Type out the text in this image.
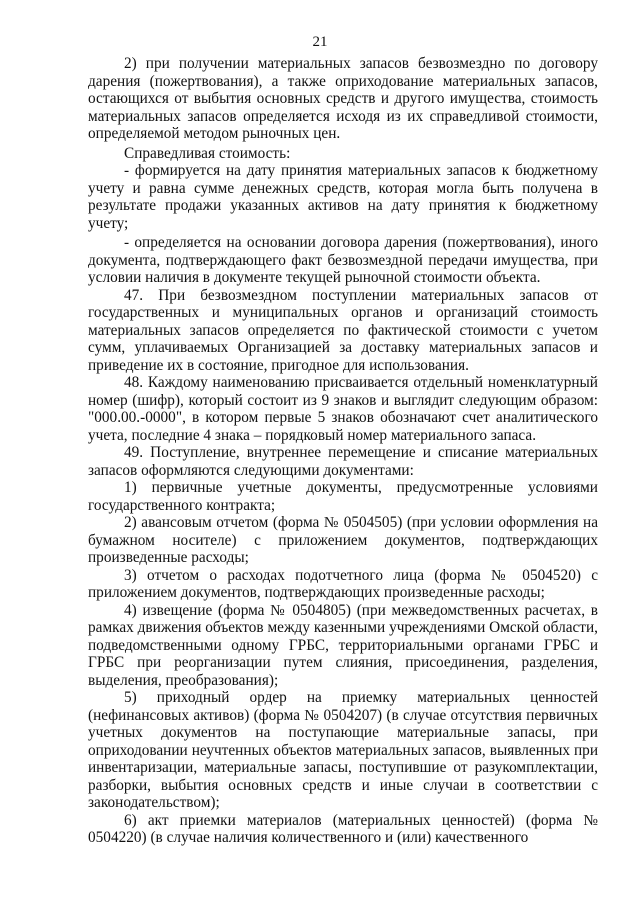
21

2) при получении материальных запасов безвозмездно по договору дарения (пожертвования), а также оприходование материальных запасов, остающихся от выбытия основных средств и другого имущества, стоимость материальных запасов определяется исходя из их справедливой стоимости, определяемой методом рыночных цен.

Справедливая стоимость:

- формируется на дату принятия материальных запасов к бюджетному учету и равна сумме денежных средств, которая могла быть получена в результате продажи указанных активов на дату принятия к бюджетному учету;

- определяется на основании договора дарения (пожертвования), иного документа, подтверждающего факт безвозмездной передачи имущества, при условии наличия в документе текущей рыночной стоимости объекта.

47. При безвозмездном поступлении материальных запасов от государственных и муниципальных органов и организаций стоимость материальных запасов определяется по фактической стоимости с учетом сумм, уплачиваемых Организацией за доставку материальных запасов и приведение их в состояние, пригодное для использования.

48. Каждому наименованию присваивается отдельный номенклатурный номер (шифр), который состоит из 9 знаков и выглядит следующим образом: "000.00.-0000", в котором первые 5 знаков обозначают счет аналитического учета, последние 4 знака – порядковый номер материального запаса.

49. Поступление, внутреннее перемещение и списание материальных запасов оформляются следующими документами:

1) первичные учетные документы, предусмотренные условиями государственного контракта;

2) авансовым отчетом (форма № 0504505) (при условии оформления на бумажном носителе) с приложением документов, подтверждающих произведенные расходы;

3) отчетом о расходах подотчетного лица (форма № 0504520) с приложением документов, подтверждающих произведенные расходы;

4) извещение (форма № 0504805) (при межведомственных расчетах, в рамках движения объектов между казенными учреждениями Омской области, подведомственными одному ГРБС, территориальными органами ГРБС и ГРБС при реорганизации путем слияния, присоединения, разделения, выделения, преобразования);

5) приходный ордер на приемку материальных ценностей (нефинансовых активов) (форма № 0504207) (в случае отсутствия первичных учетных документов на поступающие материальные запасы, при оприходовании неучтенных объектов материальных запасов, выявленных при инвентаризации, материальные запасы, поступившие от разукомплектации, разборки, выбытия основных средств и иные случаи в соответствии с законодательством);

6) акт приемки материалов (материальных ценностей) (форма № 0504220) (в случае наличия количественного и (или) качественного
